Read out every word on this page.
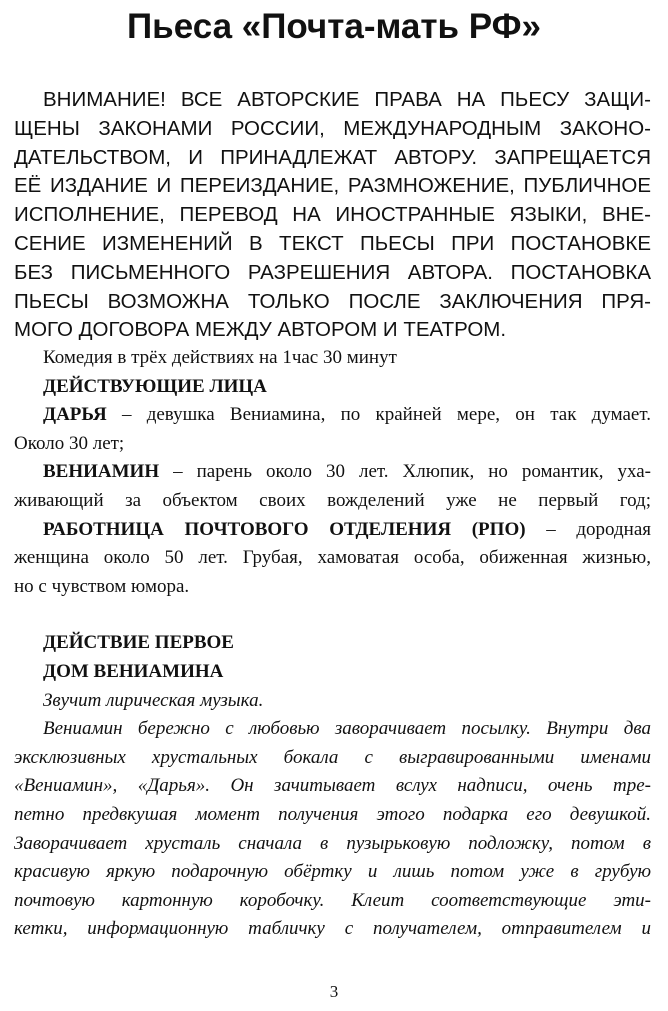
Пьеса «Почта-мать РФ»
ВНИМАНИЕ! ВСЕ АВТОРСКИЕ ПРАВА НА ПЬЕСУ ЗАЩИ-
ЩЕНЫ ЗАКОНАМИ РОССИИ, МЕЖДУНАРОДНЫМ ЗАКОНО-
ДАТЕЛЬСТВОМ, И ПРИНАДЛЕЖАТ АВТОРУ. ЗАПРЕЩАЕТСЯ
ЕЁ ИЗДАНИЕ И ПЕРЕИЗДАНИЕ, РАЗМНОЖЕНИЕ, ПУБЛИЧНОЕ
ИСПОЛНЕНИЕ, ПЕРЕВОД НА ИНОСТРАННЫЕ ЯЗЫКИ, ВНЕ-
СЕНИЕ ИЗМЕНЕНИЙ В ТЕКСТ ПЬЕСЫ ПРИ ПОСТАНОВКЕ
БЕЗ ПИСЬМЕННОГО РАЗРЕШЕНИЯ АВТОРА. ПОСТАНОВКА
ПЬЕСЫ ВОЗМОЖНА ТОЛЬКО ПОСЛЕ ЗАКЛЮЧЕНИЯ ПРЯ-
МОГО ДОГОВОРА МЕЖДУ АВТОРОМ И ТЕАТРОМ.
Комедия в трёх действиях на 1час 30 минут
ДЕЙСТВУЮЩИЕ ЛИЦА
ДАРЬЯ – девушка Вениамина, по крайней мере, он так думает.
Около 30 лет;
ВЕНИАМИН – парень около 30 лет. Хлюпик, но романтик, уха-
живающий за объектом своих вожделений уже не первый год;
РАБОТНИЦА ПОЧТОВОГО ОТДЕЛЕНИЯ (РПО) – дородная
женщина около 50 лет. Грубая, хамоватая особа, обиженная жизнью,
но с чувством юмора.
ДЕЙСТВИЕ ПЕРВОЕ
ДОМ ВЕНИАМИНА
Звучит лирическая музыка.
Вениамин бережно с любовью заворачивает посылку. Внутри два
эксклюзивных хрустальных бокала с выгравированными именами
«Вениамин», «Дарья». Он зачитывает вслух надписи, очень тре-
петно предвкушая момент получения этого подарка его девушкой.
Заворачивает хрусталь сначала в пузырьковую подложку, потом в
красивую яркую подарочную обёртку и лишь потом уже в грубую
почтовую картонную коробочку. Клеит соответствующие эти-
кетки, информационную табличку с получателем, отправителем и
3
